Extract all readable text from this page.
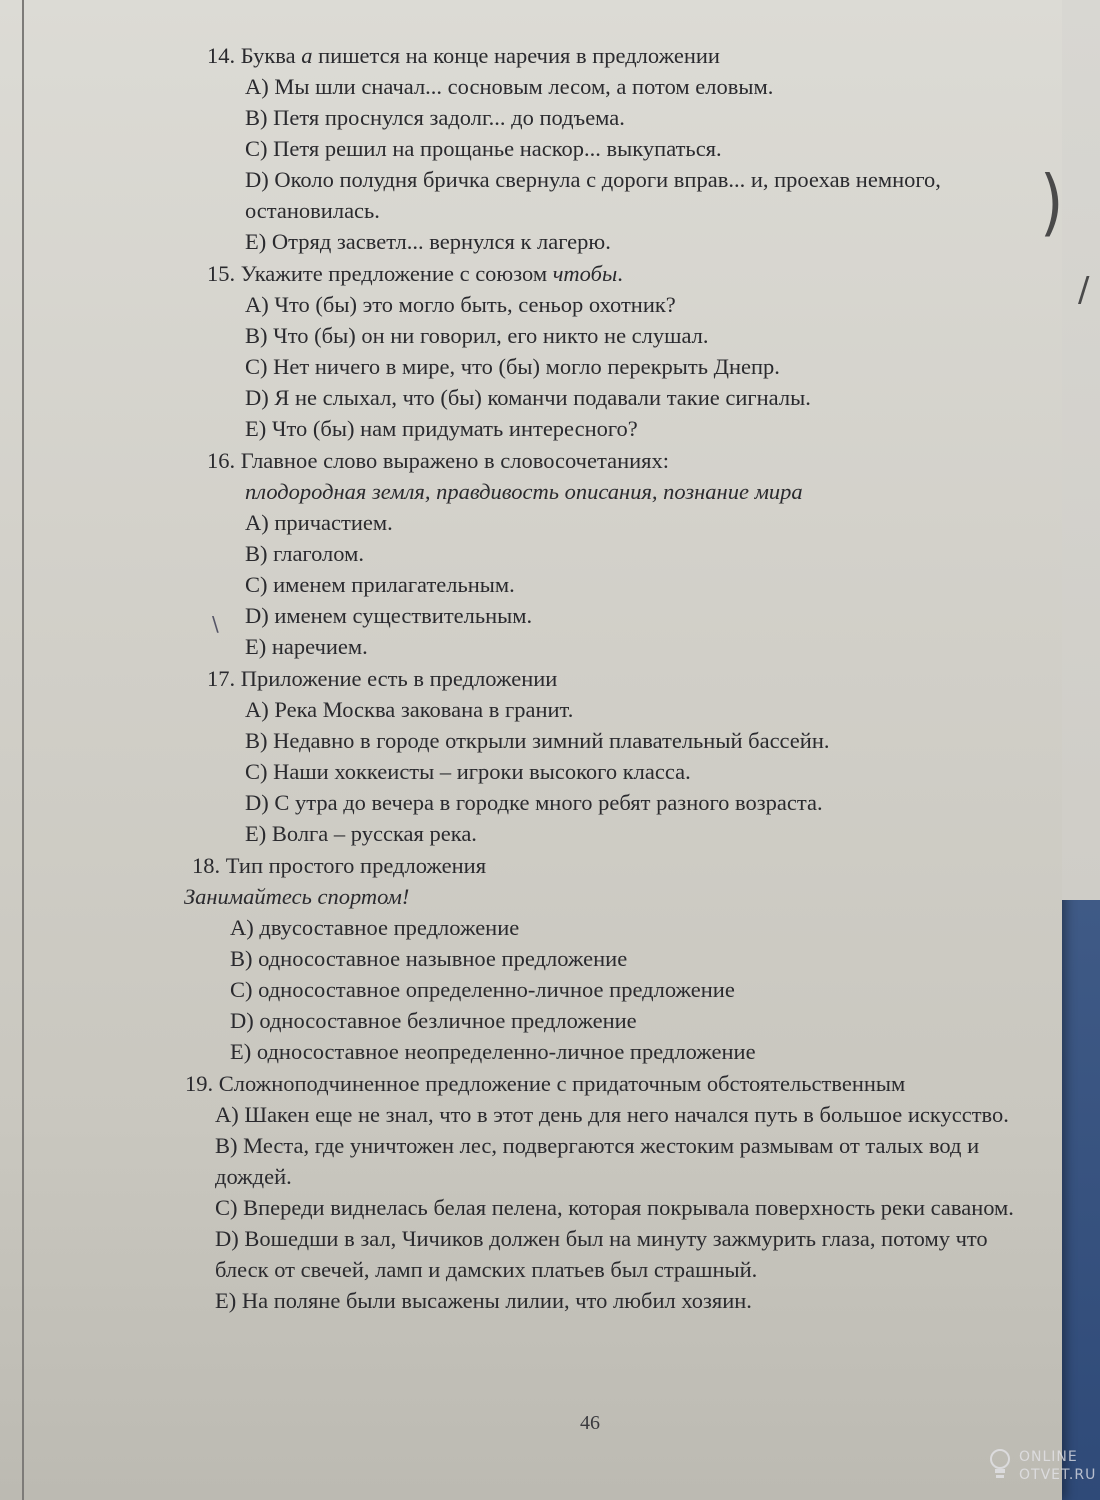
14. Буква а пишется на конце наречия в предложении
A) Мы шли сначал... сосновым лесом, а потом еловым.
B) Петя проснулся задолг... до подъема.
C) Петя решил на прощанье наскор... выкупаться.
D) Около полудня бричка свернула с дороги вправ... и, проехав немного, остановилась.
E) Отряд засветл... вернулся к лагерю.
15. Укажите предложение с союзом чтобы.
A) Что (бы) это могло быть, сеньор охотник?
B) Что (бы) он ни говорил, его никто не слушал.
C) Нет ничего в мире, что (бы) могло перекрыть Днепр.
D) Я не слыхал, что (бы) команчи подавали такие сигналы.
E) Что (бы) нам придумать интересного?
16. Главное слово выражено в словосочетаниях:
плодородная земля, правдивость описания, познание мира
A) причастием.
B) глаголом.
C) именем прилагательным.
D) именем существительным.
E) наречием.
17. Приложение есть в предложении
A) Река Москва закована в гранит.
B) Недавно в городе открыли зимний плавательный бассейн.
C) Наши хоккеисты – игроки высокого класса.
D) С утра до вечера в городке много ребят разного возраста.
E) Волга – русская река.
18. Тип простого предложения
Занимайтесь спортом!
A) двусоставное предложение
B) односоставное назывное предложение
C) односоставное определенно-личное предложение
D) односоставное безличное предложение
E) односоставное неопределенно-личное предложение
19. Сложноподчиненное предложение с придаточным обстоятельственным
A) Шакен еще не знал, что в этот день для него начался путь в большое искусство.
B) Места, где уничтожен лес, подвергаются жестоким размывам от талых вод и дождей.
C) Впереди виднелась белая пелена, которая покрывала поверхность реки саваном.
D) Вошедши в зал, Чичиков должен был на минуту зажмурить глаза, потому что блеск от свечей, ламп и дамских платьев был страшный.
E) На поляне были высажены лилии, что любил хозяин.
46
\
)
/
ONLINE
OTVET.RU
